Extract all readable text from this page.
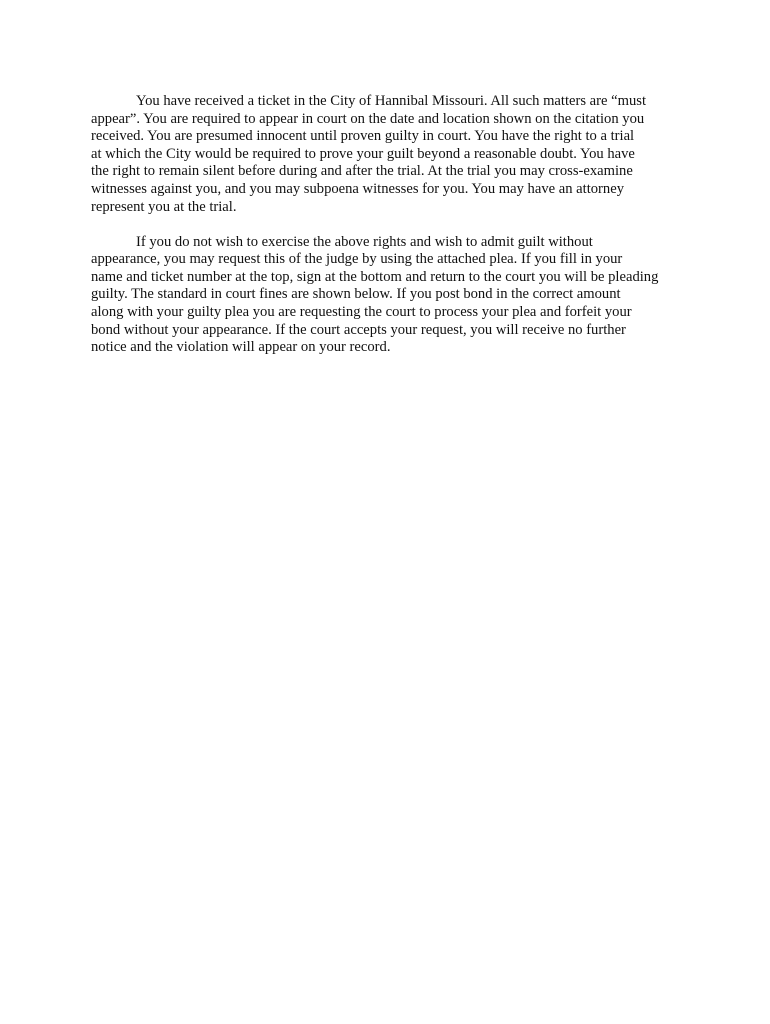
You have received a ticket in the City of Hannibal Missouri. All such matters are “must
appear”. You are required to appear in court on the date and location shown on the citation you
received. You are presumed innocent until proven guilty in court. You have the right to a trial
at which the City would be required to prove your guilt beyond a reasonable doubt. You have
the right to remain silent before during and after the trial. At the trial you may cross-examine
witnesses against you, and you may subpoena witnesses for you. You may have an attorney
represent you at the trial.
If you do not wish to exercise the above rights and wish to admit guilt without
appearance, you may request this of the judge by using the attached plea. If you fill in your
name and ticket number at the top, sign at the bottom and return to the court you will be pleading
guilty. The standard in court fines are shown below. If you post bond in the correct amount
along with your guilty plea you are requesting the court to process your plea and forfeit your
bond without your appearance. If the court accepts your request, you will receive no further
notice and the violation will appear on your record.
